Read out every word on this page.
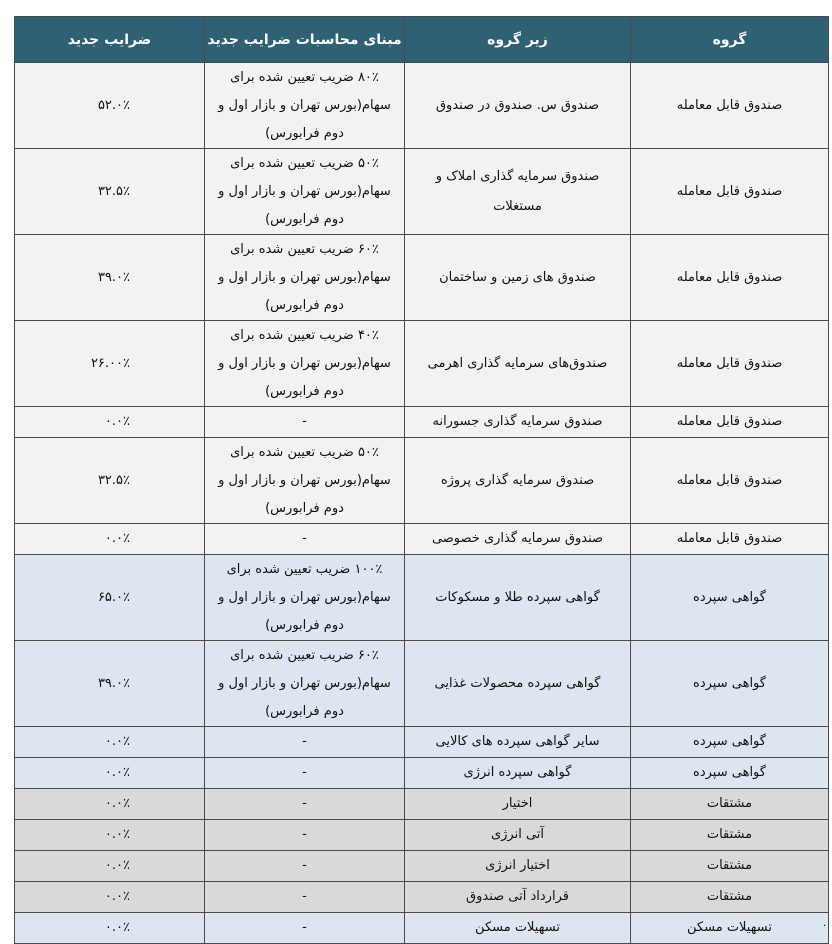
گروه	زیر گروه	مبنای محاسبات ضرایب جدید	ضرایب جدید
صندوق قابل معامله	صندوق س. صندوق در صندوق	۸۰٪ ضریب تعیین شده برای سهام(بورس تهران و بازار اول و دوم فرابورس)	۵۲.۰٪
صندوق قابل معامله	صندوق سرمایه گذاری املاک و مستغلات	۵۰٪ ضریب تعیین شده برای سهام(بورس تهران و بازار اول و دوم فرابورس)	۳۲.۵٪
صندوق قابل معامله	صندوق های زمین و ساختمان	۶۰٪ ضریب تعیین شده برای سهام(بورس تهران و بازار اول و دوم فرابورس)	۳۹.۰٪
صندوق قابل معامله	صندوق‌های سرمایه گذاری اهرمی	۴۰٪ ضریب تعیین شده برای سهام(بورس تهران و بازار اول و دوم فرابورس)	۲۶.۰۰٪
صندوق قابل معامله	صندوق سرمایه گذاری جسورانه	-	۰.۰٪
صندوق قابل معامله	صندوق سرمایه گذاری پروژه	۵۰٪ ضریب تعیین شده برای سهام(بورس تهران و بازار اول و دوم فرابورس)	۳۲.۵٪
صندوق قابل معامله	صندوق سرمایه گذاری خصوصی	-	۰.۰٪
گواهی سپرده	گواهی سپرده طلا و مسکوکات	۱۰۰٪ ضریب تعیین شده برای سهام(بورس تهران و بازار اول و دوم فرابورس)	۶۵.۰٪
گواهی سپرده	گواهی سپرده محصولات غذایی	۶۰٪ ضریب تعیین شده برای سهام(بورس تهران و بازار اول و دوم فرابورس)	۳۹.۰٪
گواهی سپرده	سایر گواهی سپرده های کالایی	-	۰.۰٪
گواهی سپرده	گواهی سپرده انرژی	-	۰.۰٪
مشتقات	اختیار	-	۰.۰٪
مشتقات	آتی انرژی	-	۰.۰٪
مشتقات	اختیار انرژی	-	۰.۰٪
مشتقات	قرارداد آتی صندوق	-	۰.۰٪
تسهیلات مسکن	تسهیلات مسکن	-	۰.۰٪	.
